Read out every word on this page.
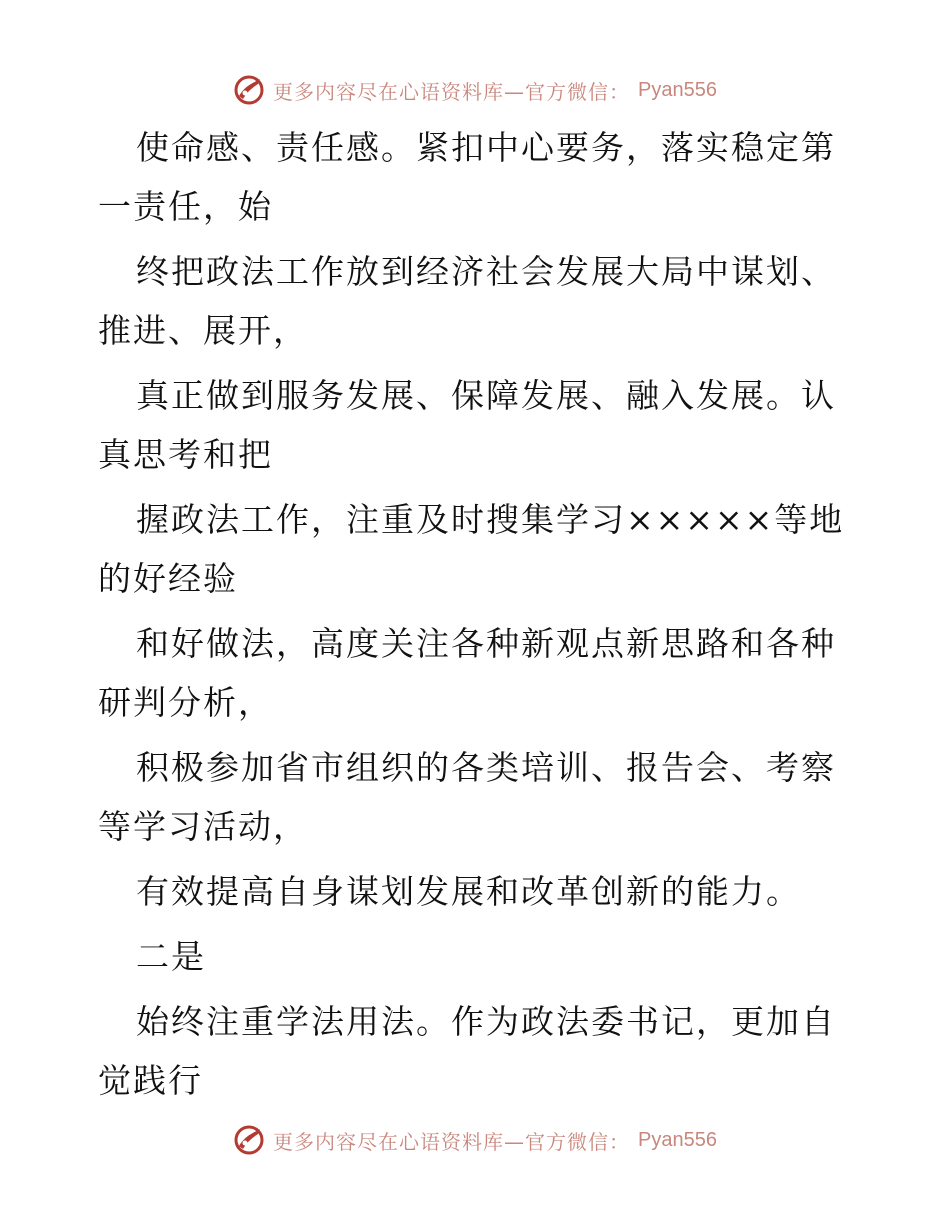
更多内容尽在心语资料库—官方微信： Pyan556

使命感、责任感。紧扣中心要务，落实稳定第一责任，始

终把政法工作放到经济社会发展大局中谋划、推进、展开，

真正做到服务发展、保障发展、融入发展。认真思考和把

握政法工作，注重及时搜集学习×××××等地的好经验

和好做法，高度关注各种新观点新思路和各种研判分析，

积极参加省市组织的各类培训、报告会、考察等学习活动，

有效提高自身谋划发展和改革创新的能力。

二是

始终注重学法用法。作为政法委书记，更加自觉践行

更多内容尽在心语资料库—官方微信： Pyan556
